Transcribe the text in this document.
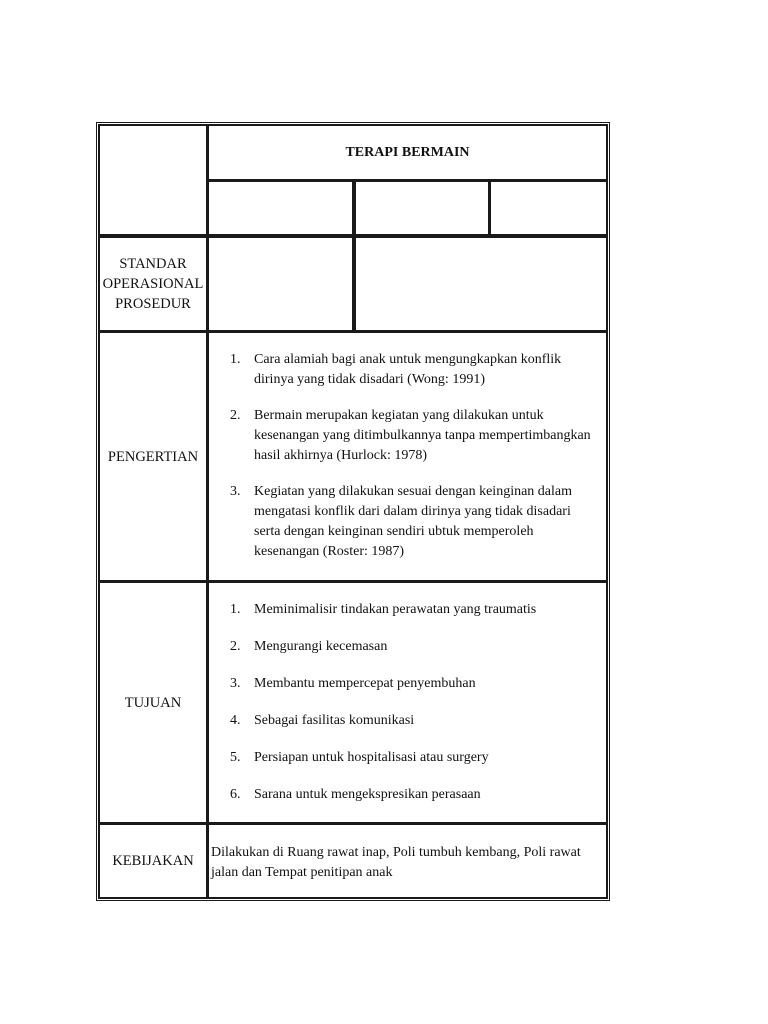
TERAPI BERMAIN
STANDAR
OPERASIONAL
PROSEDUR
PENGERTIAN
1. Cara alamiah bagi anak untuk mengungkapkan konflik
dirinya yang tidak disadari (Wong: 1991)
2. Bermain merupakan kegiatan yang dilakukan untuk
kesenangan yang ditimbulkannya tanpa mempertimbangkan
hasil akhirnya (Hurlock: 1978)
3. Kegiatan yang dilakukan sesuai dengan keinginan dalam
mengatasi konflik dari dalam dirinya yang tidak disadari
serta dengan keinginan sendiri ubtuk memperoleh
kesenangan (Roster: 1987)
TUJUAN
1. Meminimalisir tindakan perawatan yang traumatis
2. Mengurangi kecemasan
3. Membantu mempercepat penyembuhan
4. Sebagai fasilitas komunikasi
5. Persiapan untuk hospitalisasi atau surgery
6. Sarana untuk mengekspresikan perasaan
KEBIJAKAN
Dilakukan di Ruang rawat inap, Poli tumbuh kembang, Poli rawat
jalan dan Tempat penitipan anak
